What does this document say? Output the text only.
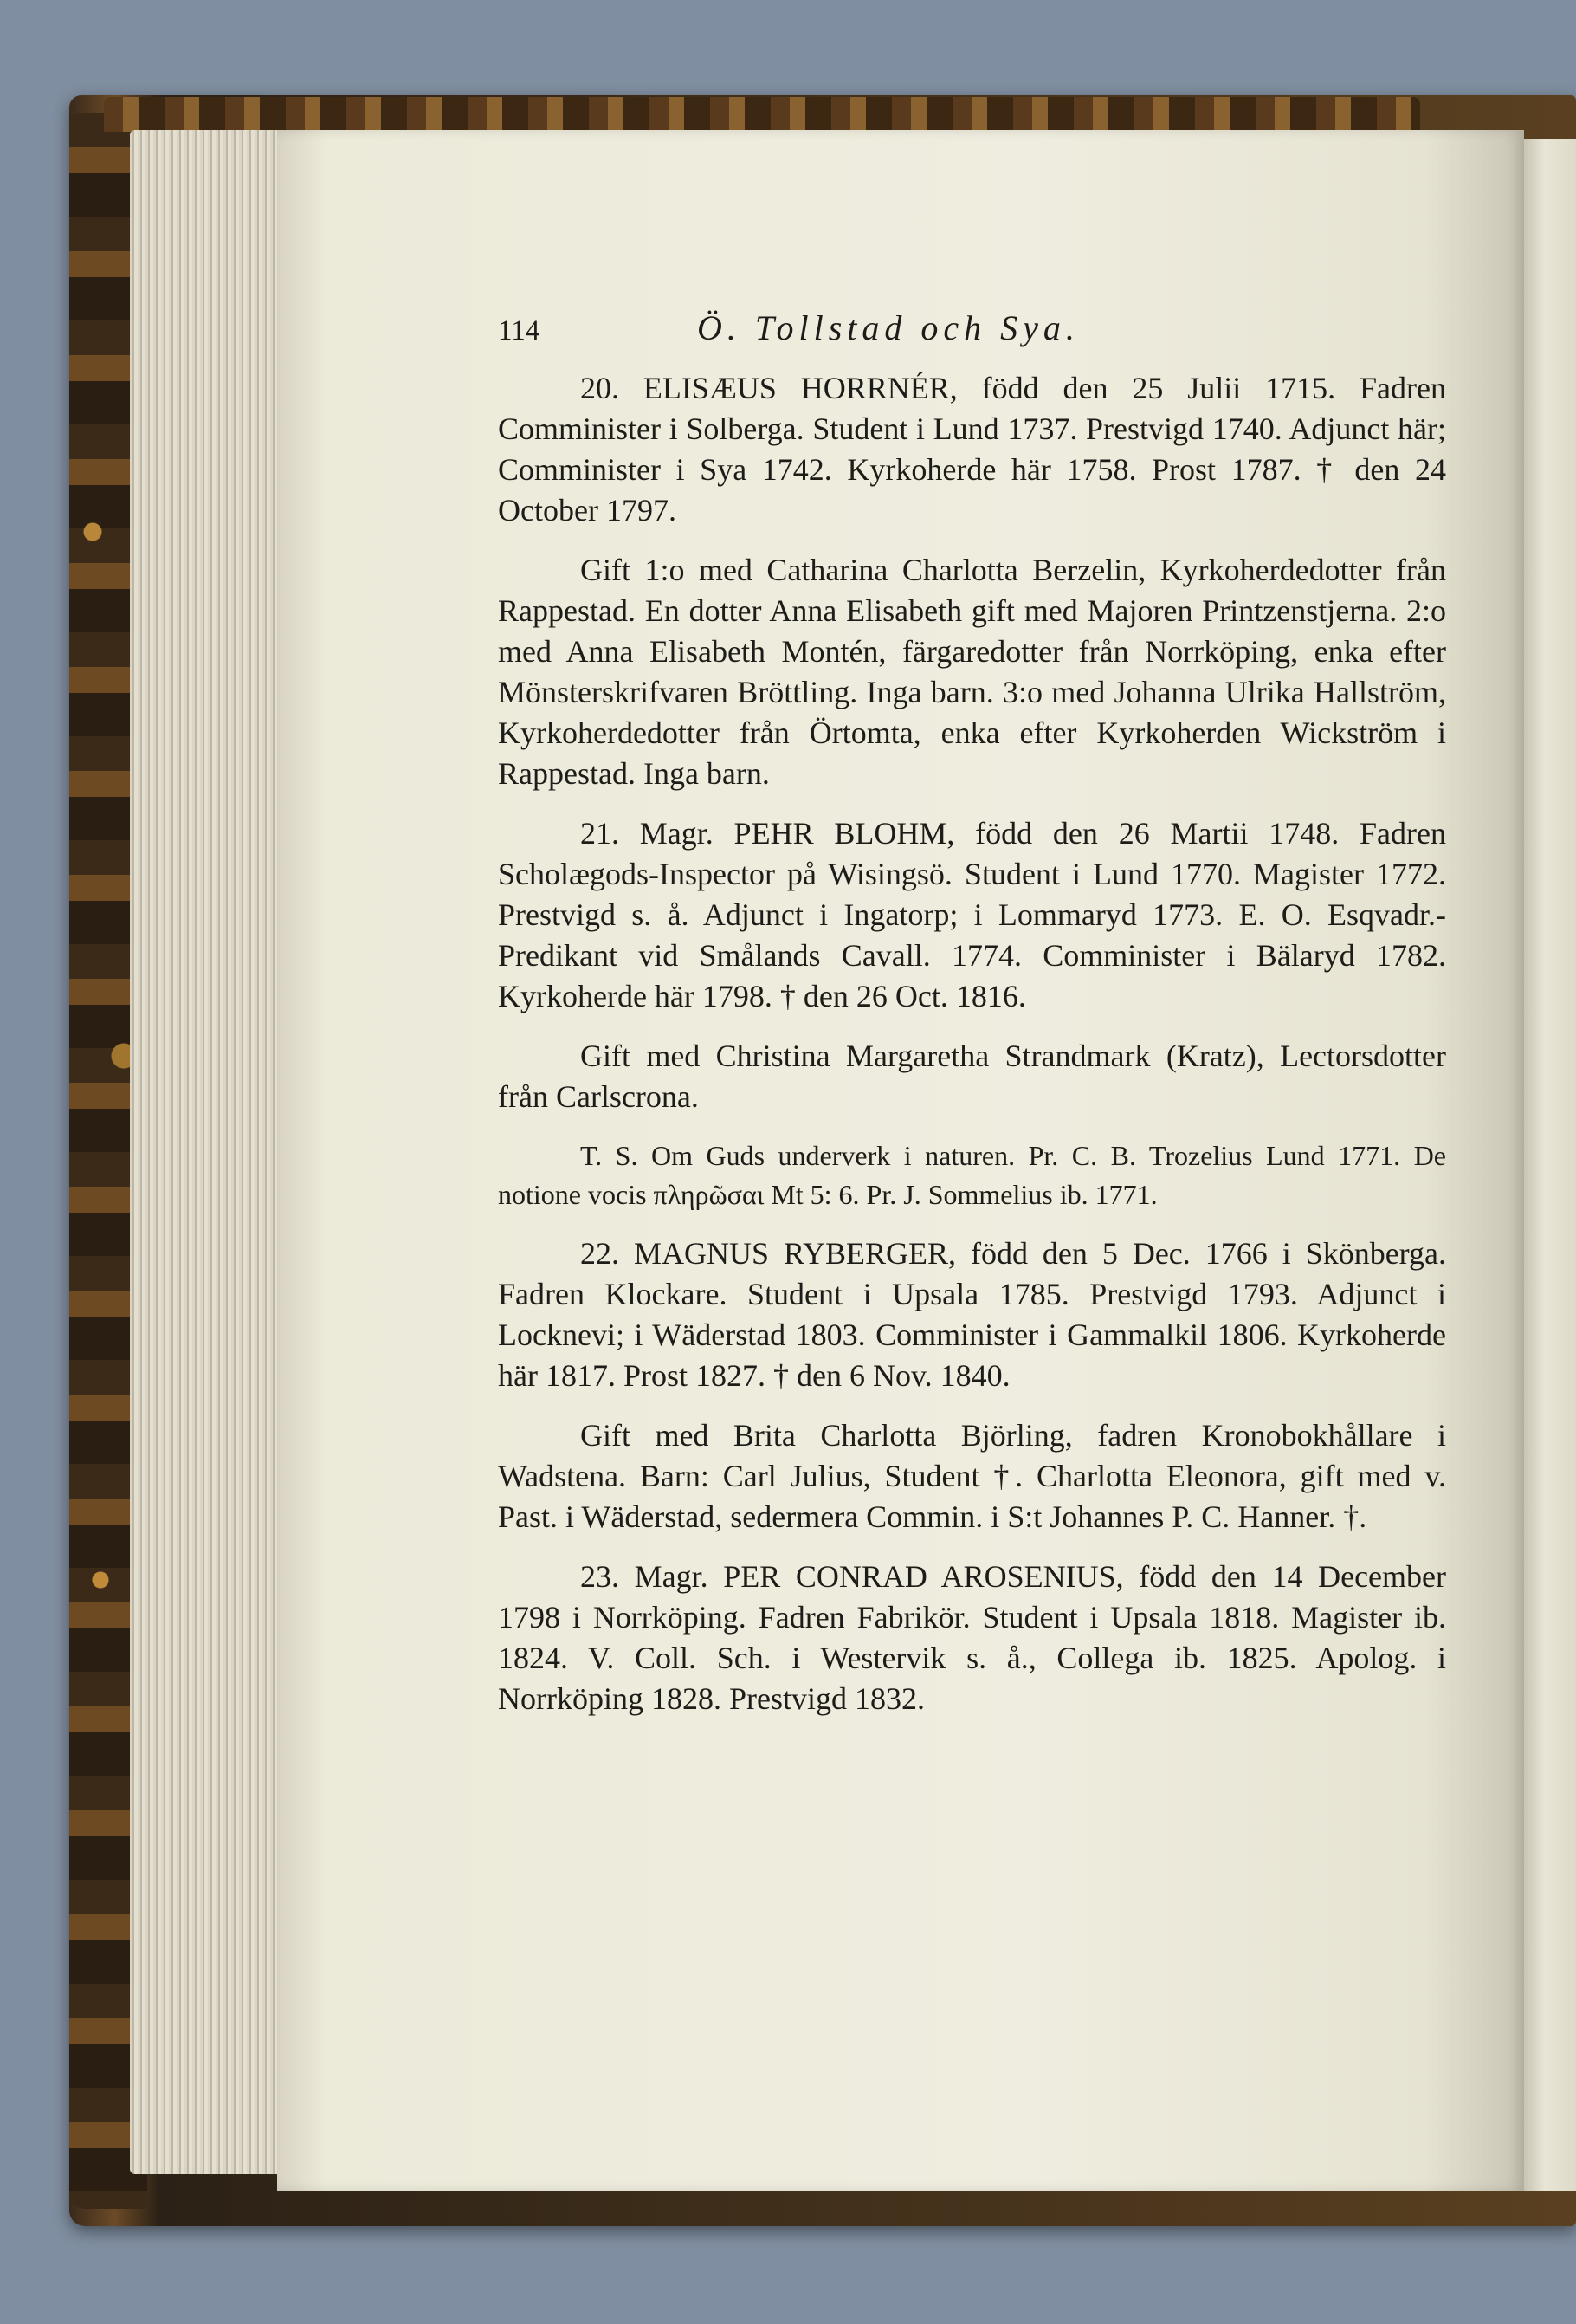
114	Ö. Tollstad och Sya.

20. ELISÆUS HORRNÉR, född den 25 Julii 1715. Fadren Comminister i Solberga. Student i Lund 1737. Prestvigd 1740. Adjunct här; Comminister i Sya 1742. Kyrkoherde här 1758. Prost 1787. † den 24 October 1797.

Gift 1:o med Catharina Charlotta Berzelin, Kyrkoherdedotter från Rappestad. En dotter Anna Elisabeth gift med Majoren Printzenstjerna. 2:o med Anna Elisabeth Montén, färgaredotter från Norrköping, enka efter Mönsterskrifvaren Bröttling. Inga barn. 3:o med Johanna Ulrika Hallström, Kyrkoherdedotter från Örtomta, enka efter Kyrkoherden Wickström i Rappestad. Inga barn.

21. Magr. PEHR BLOHM, född den 26 Martii 1748. Fadren Scholægods-Inspector på Wisingsö. Student i Lund 1770. Magister 1772. Prestvigd s. å. Adjunct i Ingatorp; i Lommaryd 1773. E. O. Esqvadr.-Predikant vid Smålands Cavall. 1774. Comminister i Bälaryd 1782. Kyrkoherde här 1798. † den 26 Oct. 1816.

Gift med Christina Margaretha Strandmark (Kratz), Lectorsdotter från Carlscrona.

T. S. Om Guds underverk i naturen. Pr. C. B. Trozelius Lund 1771. De notione vocis πληρῶσαι Mt 5: 6. Pr. J. Sommelius ib. 1771.

22. MAGNUS RYBERGER, född den 5 Dec. 1766 i Skönberga. Fadren Klockare. Student i Upsala 1785. Prestvigd 1793. Adjunct i Locknevi; i Wäderstad 1803. Comminister i Gammalkil 1806. Kyrkoherde här 1817. Prost 1827. † den 6 Nov. 1840.

Gift med Brita Charlotta Björling, fadren Kronobokhållare i Wadstena. Barn: Carl Julius, Student †. Charlotta Eleonora, gift med v. Past. i Wäderstad, sedermera Commin. i S:t Johannes P. C. Hanner. †.

23. Magr. PER CONRAD AROSENIUS, född den 14 December 1798 i Norrköping. Fadren Fabrikör. Student i Upsala 1818. Magister ib. 1824. V. Coll. Sch. i Westervik s. å., Collega ib. 1825. Apolog. i Norrköping 1828. Prestvigd 1832.
